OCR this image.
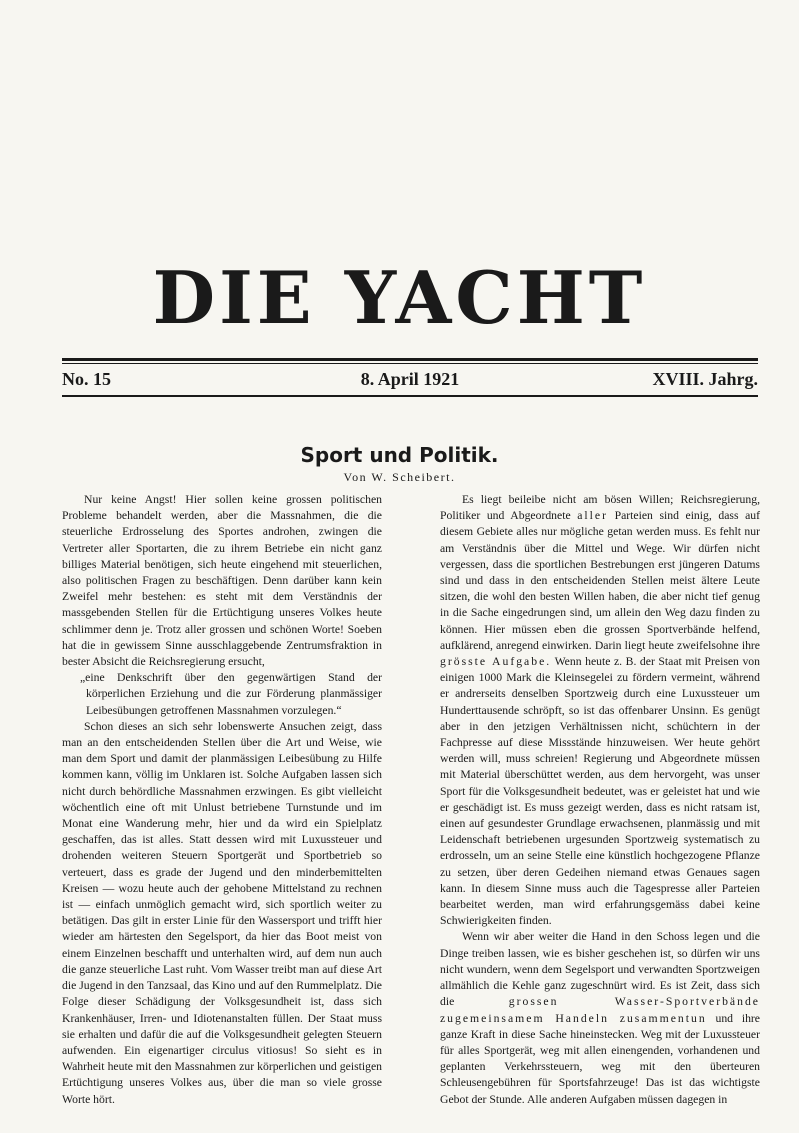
DIE YACHT
8. April 1921
No. 15	XVIII. Jahrg.
Sport und Politik.
Von W. Scheibert.

Nur keine Angst! Hier sollen keine grossen politischen Probleme behandelt werden, aber die Massnahmen, die die steuerliche Erdrosselung des Sportes androhen, zwingen die Vertreter aller Sportarten, die zu ihrem Betriebe ein nicht ganz billiges Material benötigen, sich heute eingehend mit steuerlichen, also politischen Fragen zu beschäftigen. Denn darüber kann kein Zweifel mehr bestehen: es steht mit dem Verständnis der massgebenden Stellen für die Ertüchtigung unseres Volkes heute schlimmer denn je. Trotz aller grossen und schönen Worte! Soeben hat die in gewissem Sinne ausschlaggebende Zentrumsfraktion in bester Absicht die Reichsregierung ersucht,

„eine Denkschrift über den gegenwärtigen Stand der körperlichen Erziehung und die zur Förderung planmässiger Leibesübungen getroffenen Massnahmen vorzulegen.“

Schon dieses an sich sehr lobenswerte Ansuchen zeigt, dass man an den entscheidenden Stellen über die Art und Weise, wie man dem Sport und damit der planmässigen Leibesübung zu Hilfe kommen kann, völlig im Unklaren ist. Solche Aufgaben lassen sich nicht durch behördliche Massnahmen erzwingen. Es gibt vielleicht wöchentlich eine oft mit Unlust betriebene Turnstunde und im Monat eine Wanderung mehr, hier und da wird ein Spielplatz geschaffen, das ist alles. Statt dessen wird mit Luxussteuer und drohenden weiteren Steuern Sportgerät und Sportbetrieb so verteuert, dass es grade der Jugend und den minderbemittelten Kreisen — wozu heute auch der gehobene Mittelstand zu rechnen ist — einfach unmöglich gemacht wird, sich sportlich weiter zu betätigen. Das gilt in erster Linie für den Wassersport und trifft hier wieder am härtesten den Segelsport, da hier das Boot meist von einem Einzelnen beschafft und unterhalten wird, auf dem nun auch die ganze steuerliche Last ruht. Vom Wasser treibt man auf diese Art die Jugend in den Tanzsaal, das Kino und auf den Rummelplatz. Die Folge dieser Schädigung der Volksgesundheit ist, dass sich Krankenhäuser, Irren- und Idiotenanstalten füllen. Der Staat muss sie erhalten und dafür die auf die Volksgesundheit gelegten Steuern aufwenden. Ein eigenartiger circulus vitiosus! So sieht es in Wahrheit heute mit den Massnahmen zur körperlichen und geistigen Ertüchtigung unseres Volkes aus, über die man so viele grosse Worte hört.

Es liegt beileibe nicht am bösen Willen; Reichsregierung, Politiker und Abgeordnete aller Parteien sind einig, dass auf diesem Gebiete alles nur mögliche getan werden muss. Es fehlt nur am Verständnis über die Mittel und Wege. Wir dürfen nicht vergessen, dass die sportlichen Bestrebungen erst jüngeren Datums sind und dass in den entscheidenden Stellen meist ältere Leute sitzen, die wohl den besten Willen haben, die aber nicht tief genug in die Sache eingedrungen sind, um allein den Weg dazu finden zu können. Hier müssen eben die grossen Sportverbände helfend, aufklärend, anregend einwirken. Darin liegt heute zweifelsohne ihre grösste Aufgabe. Wenn heute z. B. der Staat mit Preisen von einigen 1000 Mark die Kleinsegelei zu fördern vermeint, während er andrerseits denselben Sportzweig durch eine Luxussteuer um Hunderttausende schröpft, so ist das offenbarer Unsinn. Es genügt aber in den jetzigen Verhältnissen nicht, schüchtern in der Fachpresse auf diese Missstände hinzuweisen. Wer heute gehört werden will, muss schreien! Regierung und Abgeordnete müssen mit Material überschüttet werden, aus dem hervorgeht, was unser Sport für die Volksgesundheit bedeutet, was er geleistet hat und wie er geschädigt ist. Es muss gezeigt werden, dass es nicht ratsam ist, einen auf gesundester Grundlage erwachsenen, planmässig und mit Leidenschaft betriebenen urgesunden Sportzweig systematisch zu erdrosseln, um an seine Stelle eine künstlich hochgezogene Pflanze zu setzen, über deren Gedeihen niemand etwas Genaues sagen kann. In diesem Sinne muss auch die Tagespresse aller Parteien bearbeitet werden, man wird erfahrungsgemäss dabei keine Schwierigkeiten finden.

Wenn wir aber weiter die Hand in den Schoss legen und die Dinge treiben lassen, wie es bisher geschehen ist, so dürfen wir uns nicht wundern, wenn dem Segelsport und verwandten Sportzweigen allmählich die Kehle ganz zugeschnürt wird. Es ist Zeit, dass sich die	grossen Wasser-Sportverbände zugemeinsamem Handeln zusammentun und ihre ganze Kraft in diese Sache hineinstecken. Weg mit der Luxussteuer für alles Sportgerät, weg mit allen einengenden, vorhandenen und geplanten Verkehrssteuern, weg mit den überteuren Schleusengebühren für Sportsfahrzeuge! Das ist das wichtigste Gebot der Stunde. Alle anderen Aufgaben müssen dagegen in
